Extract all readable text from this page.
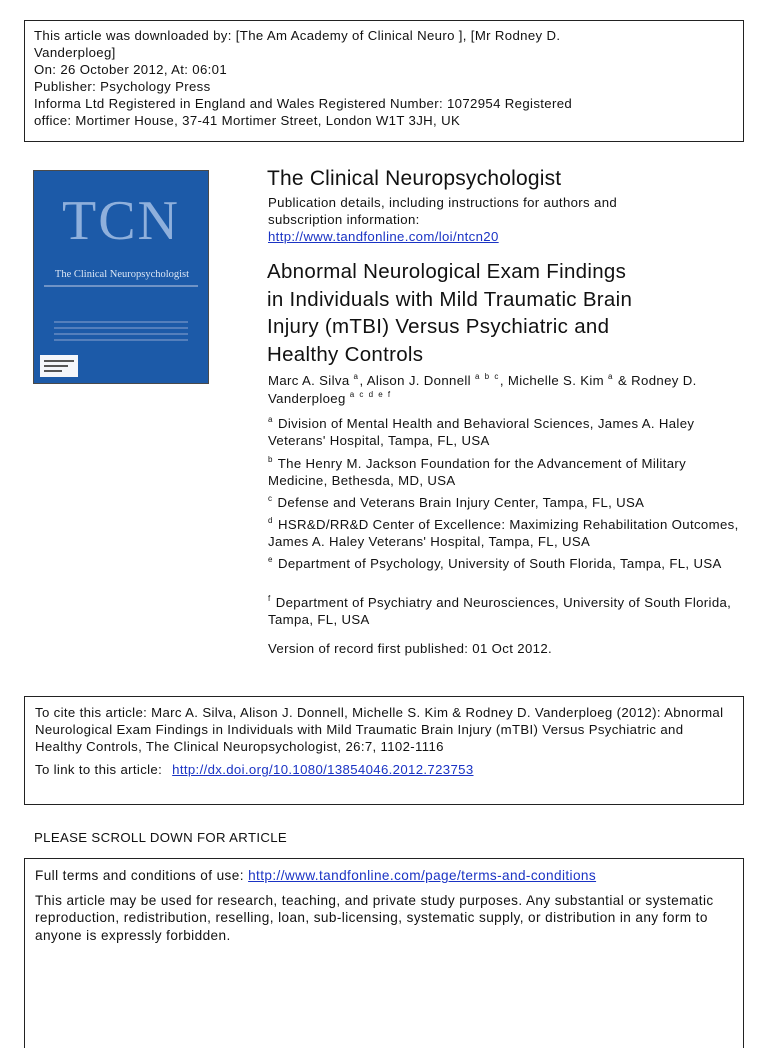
This article was downloaded by: [The Am Academy of Clinical Neuro ], [Mr Rodney D.
Vanderploeg]
On: 26 October 2012, At: 06:01
Publisher: Psychology Press
Informa Ltd Registered in England and Wales Registered Number: 1072954 Registered
office: Mortimer House, 37-41 Mortimer Street, London W1T 3JH, UK
TCN
The Clinical Neuropsychologist
The Clinical Neuropsychologist
Publication details, including instructions for authors and
subscription information:
http://www.tandfonline.com/loi/ntcn20
Abnormal Neurological Exam Findings
in Individuals with Mild Traumatic Brain
Injury (mTBI) Versus Psychiatric and
Healthy Controls
Marc A. Silva $^a$, Alison J. Donnell $^{a b c}$, Michelle S. Kim $^a$ & Rodney D. Vanderploeg $^{a c d e f}$
$^a$ Division of Mental Health and Behavioral Sciences, James A. Haley Veterans' Hospital, Tampa, FL, USA
$^b$ The Henry M. Jackson Foundation for the Advancement of Military Medicine, Bethesda, MD, USA
$^c$ Defense and Veterans Brain Injury Center, Tampa, FL, USA
$^d$ HSR&D/RR&D Center of Excellence: Maximizing Rehabilitation Outcomes, James A. Haley Veterans' Hospital, Tampa, FL, USA
$^e$ Department of Psychology, University of South Florida, Tampa, FL, USA
$^f$ Department of Psychiatry and Neurosciences, University of South Florida, Tampa, FL, USA
Version of record first published: 01 Oct 2012.
To cite this article: Marc A. Silva, Alison J. Donnell, Michelle S. Kim & Rodney D. Vanderploeg (2012): Abnormal Neurological Exam Findings in Individuals with Mild Traumatic Brain Injury (mTBI) Versus Psychiatric and Healthy Controls, The Clinical Neuropsychologist, 26:7, 1102-1116
To link to this article: http://dx.doi.org/10.1080/13854046.2012.723753
PLEASE SCROLL DOWN FOR ARTICLE
Full terms and conditions of use: http://www.tandfonline.com/page/terms-and-conditions
This article may be used for research, teaching, and private study purposes. Any substantial or systematic reproduction, redistribution, reselling, loan, sub-licensing, systematic supply, or distribution in any form to anyone is expressly forbidden.
